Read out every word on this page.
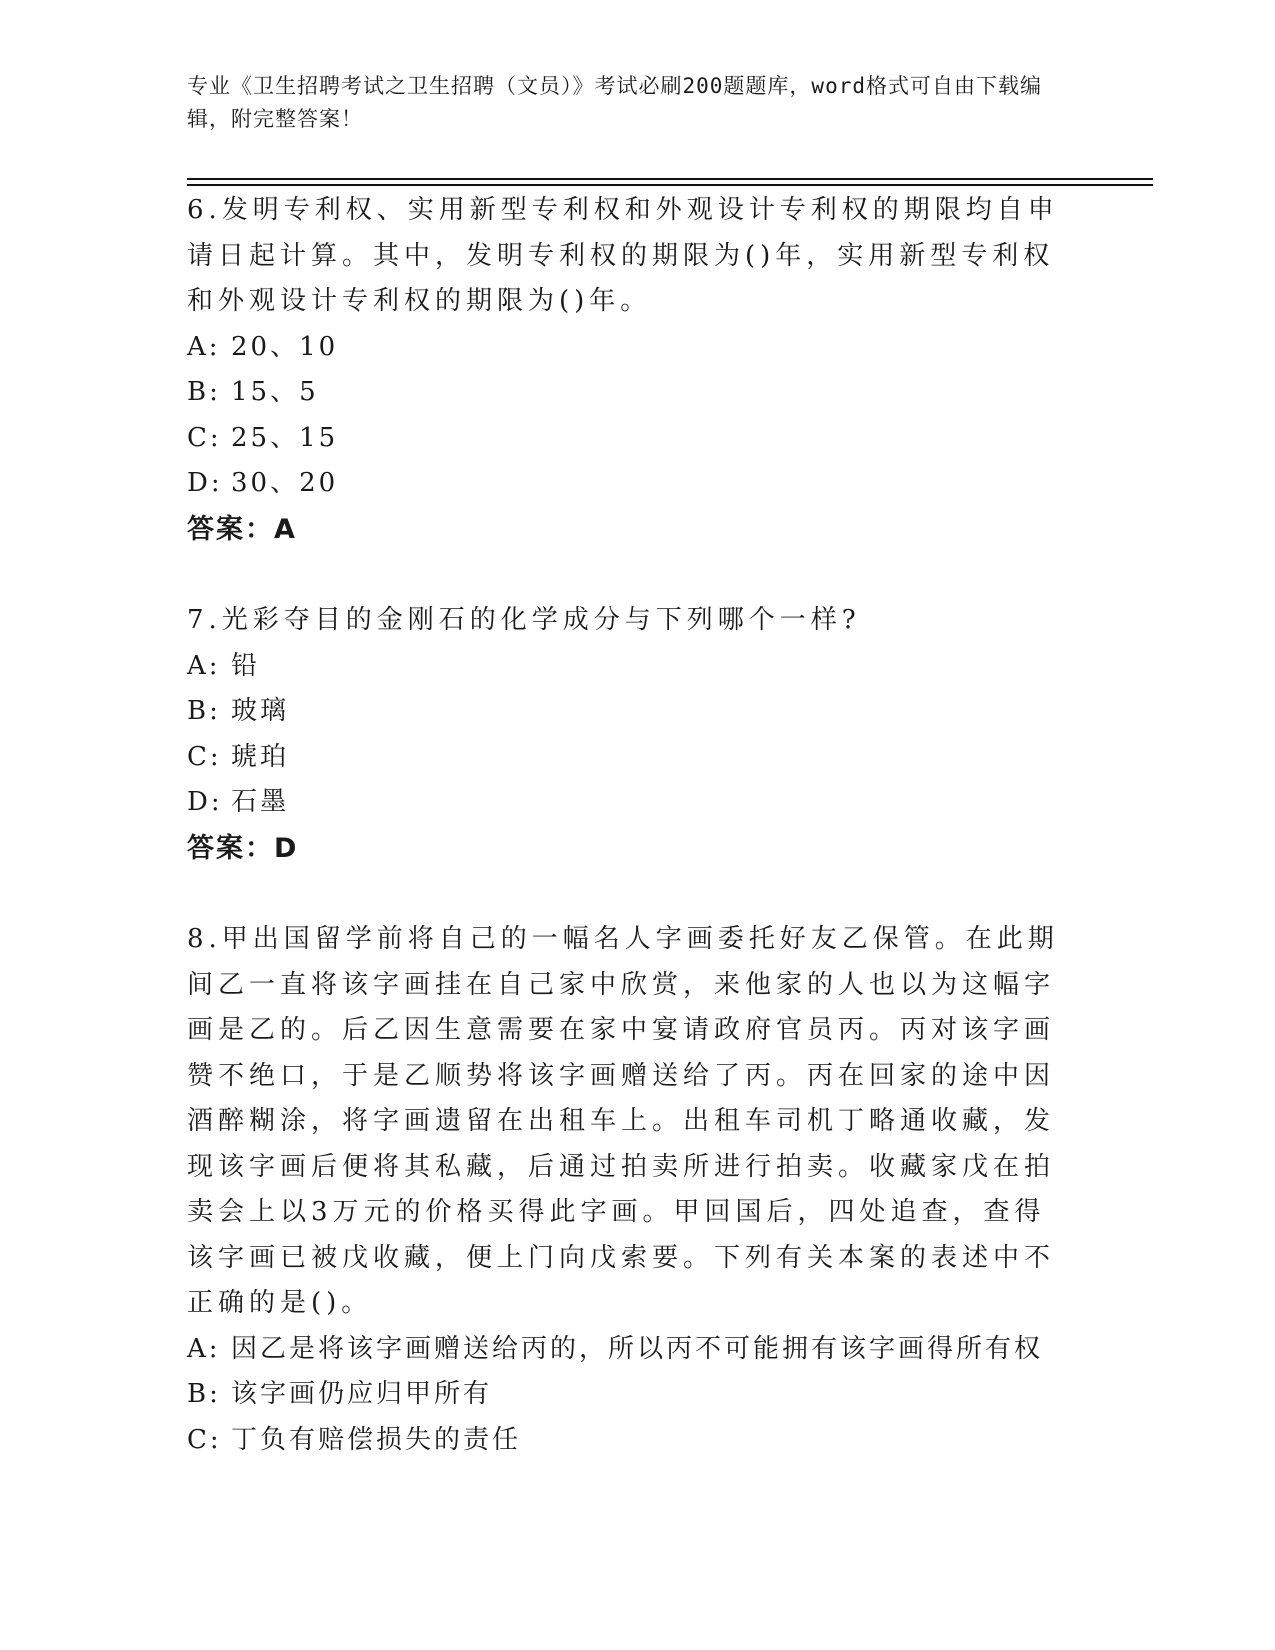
专业《卫生招聘考试之卫生招聘（文员）》考试必刷200题题库，word格式可自由下载编辑，附完整答案！

6.发明专利权、实用新型专利权和外观设计专利权的期限均自申请日起计算。其中，发明专利权的期限为()年，实用新型专利权和外观设计专利权的期限为()年。

A: 20、10

B: 15、5

C: 25、15

D: 30、20

答案：A

7.光彩夺目的金刚石的化学成分与下列哪个一样?

A: 铅

B: 玻璃

C: 琥珀

D: 石墨

答案：D

8.甲出国留学前将自己的一幅名人字画委托好友乙保管。在此期间乙一直将该字画挂在自己家中欣赏，来他家的人也以为这幅字画是乙的。后乙因生意需要在家中宴请政府官员丙。丙对该字画赞不绝口，于是乙顺势将该字画赠送给了丙。丙在回家的途中因酒醉糊涂，将字画遗留在出租车上。出租车司机丁略通收藏，发现该字画后便将其私藏，后通过拍卖所进行拍卖。收藏家戊在拍卖会上以3万元的价格买得此字画。甲回国后，四处追查，查得该字画已被戊收藏，便上门向戊索要。下列有关本案的表述中不正确的是()。

A: 因乙是将该字画赠送给丙的，所以丙不可能拥有该字画得所有权

B: 该字画仍应归甲所有

C: 丁负有赔偿损失的责任
